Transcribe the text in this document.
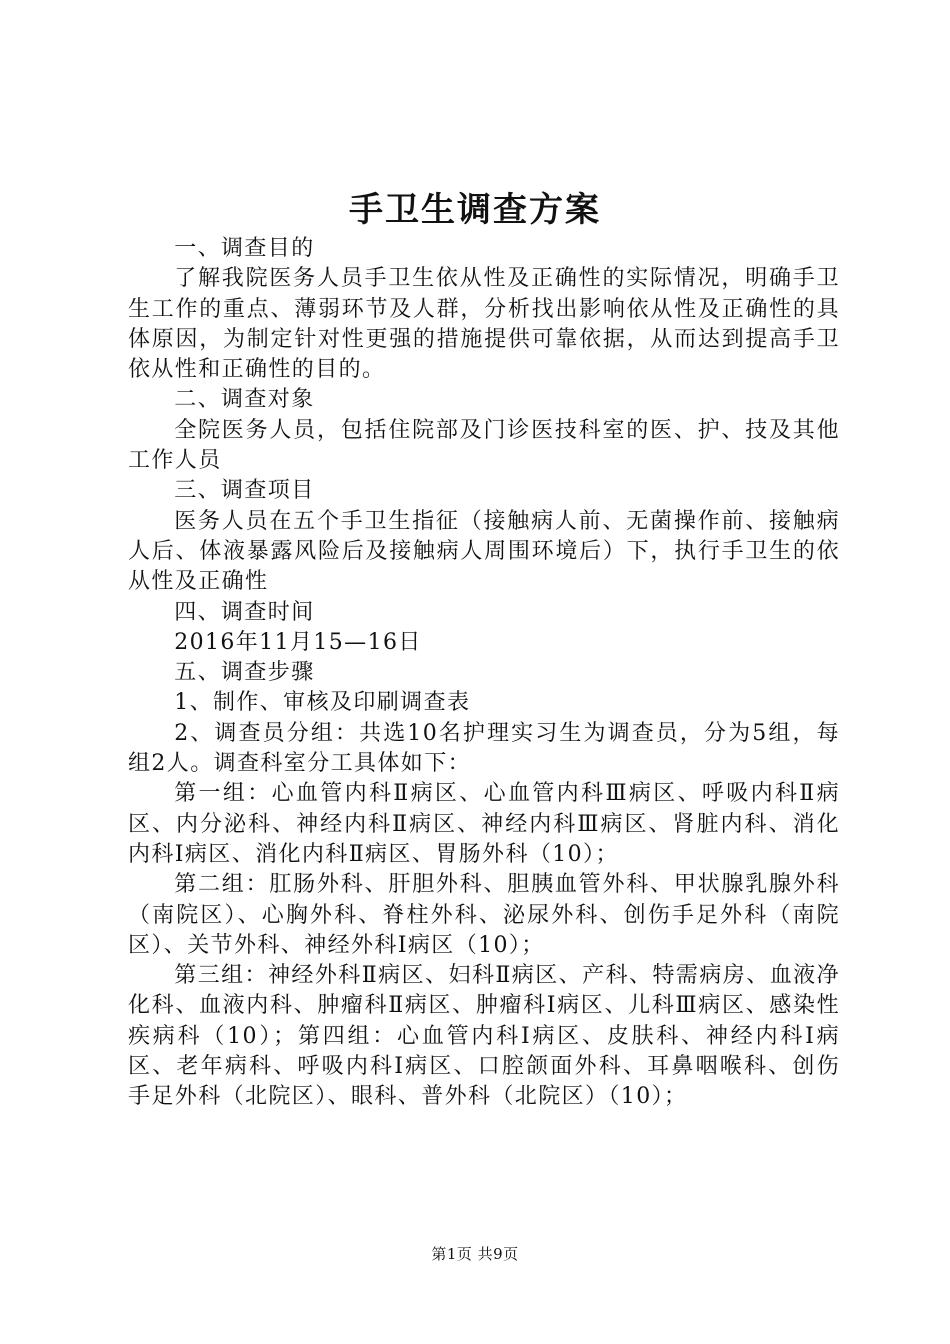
手卫生调查方案

一、调查目的

了解我院医务人员手卫生依从性及正确性的实际情况，明确手卫生工作的重点、薄弱环节及人群，分析找出影响依从性及正确性的具体原因，为制定针对性更强的措施提供可靠依据，从而达到提高手卫依从性和正确性的目的。

二、调查对象

全院医务人员，包括住院部及门诊医技科室的医、护、技及其他工作人员

三、调查项目

医务人员在五个手卫生指征（接触病人前、无菌操作前、接触病人后、体液暴露风险后及接触病人周围环境后）下，执行手卫生的依从性及正确性

四、调查时间

2016年11月15—16日

五、调查步骤

1、制作、审核及印刷调查表

2、调查员分组：共选10名护理实习生为调查员，分为5组，每组2人。调查科室分工具体如下：

第一组：心血管内科Ⅱ病区、心血管内科Ⅲ病区、呼吸内科Ⅱ病区、内分泌科、神经内科Ⅱ病区、神经内科Ⅲ病区、肾脏内科、消化内科Ⅰ病区、消化内科Ⅱ病区、胃肠外科（10）；

第二组：肛肠外科、肝胆外科、胆胰血管外科、甲状腺乳腺外科（南院区）、心胸外科、脊柱外科、泌尿外科、创伤手足外科（南院区）、关节外科、神经外科Ⅰ病区（10）；

第三组：神经外科Ⅱ病区、妇科Ⅱ病区、产科、特需病房、血液净化科、血液内科、肿瘤科Ⅱ病区、肿瘤科Ⅰ病区、儿科Ⅲ病区、感染性疾病科（10）；第四组：心血管内科Ⅰ病区、皮肤科、神经内科Ⅰ病区、老年病科、呼吸内科Ⅰ病区、口腔颌面外科、耳鼻咽喉科、创伤手足外科（北院区）、眼科、普外科（北院区）（10）；

第1页 共9页
